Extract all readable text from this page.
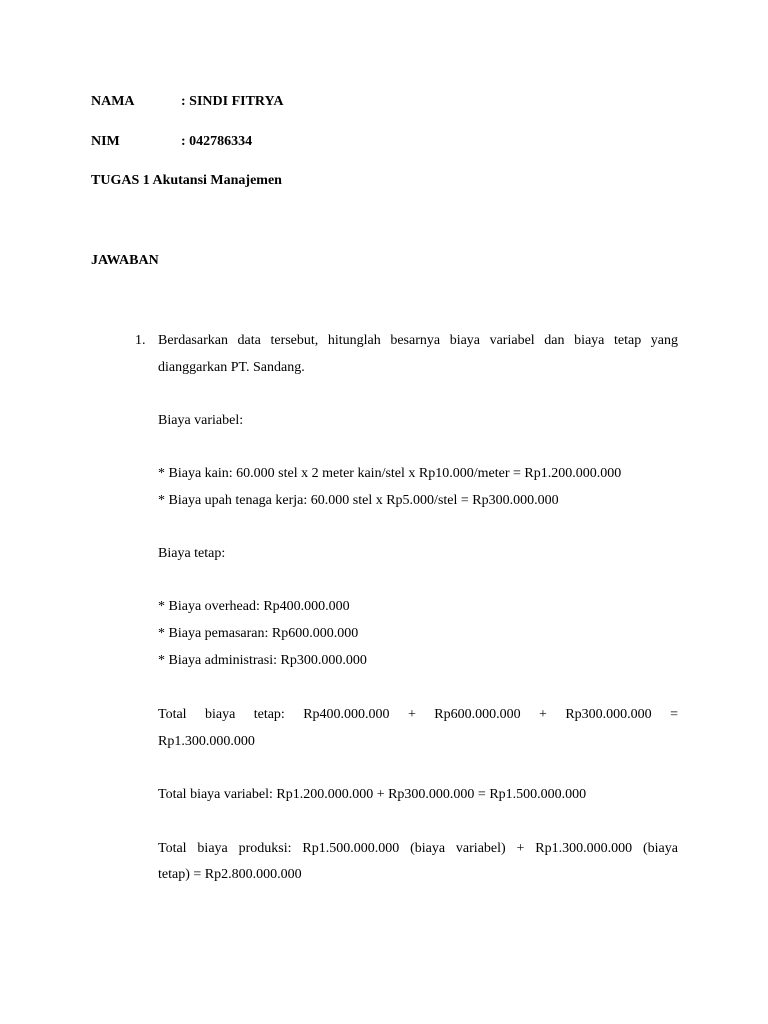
NAMA	: SINDI FITRYA
NIM	: 042786334
TUGAS 1 Akutansi Manajemen
JAWABAN
1. Berdasarkan data tersebut, hitunglah besarnya biaya variabel dan biaya tetap yang
dianggarkan PT. Sandang.
Biaya variabel:
* Biaya kain: 60.000 stel x 2 meter kain/stel x Rp10.000/meter = Rp1.200.000.000
* Biaya upah tenaga kerja: 60.000 stel x Rp5.000/stel = Rp300.000.000
Biaya tetap:
* Biaya overhead: Rp400.000.000
* Biaya pemasaran: Rp600.000.000
* Biaya administrasi: Rp300.000.000
Total biaya tetap: Rp400.000.000 + Rp600.000.000 + Rp300.000.000 =
Rp1.300.000.000
Total biaya variabel: Rp1.200.000.000 + Rp300.000.000 = Rp1.500.000.000
Total biaya produksi: Rp1.500.000.000 (biaya variabel) + Rp1.300.000.000 (biaya
tetap) = Rp2.800.000.000
